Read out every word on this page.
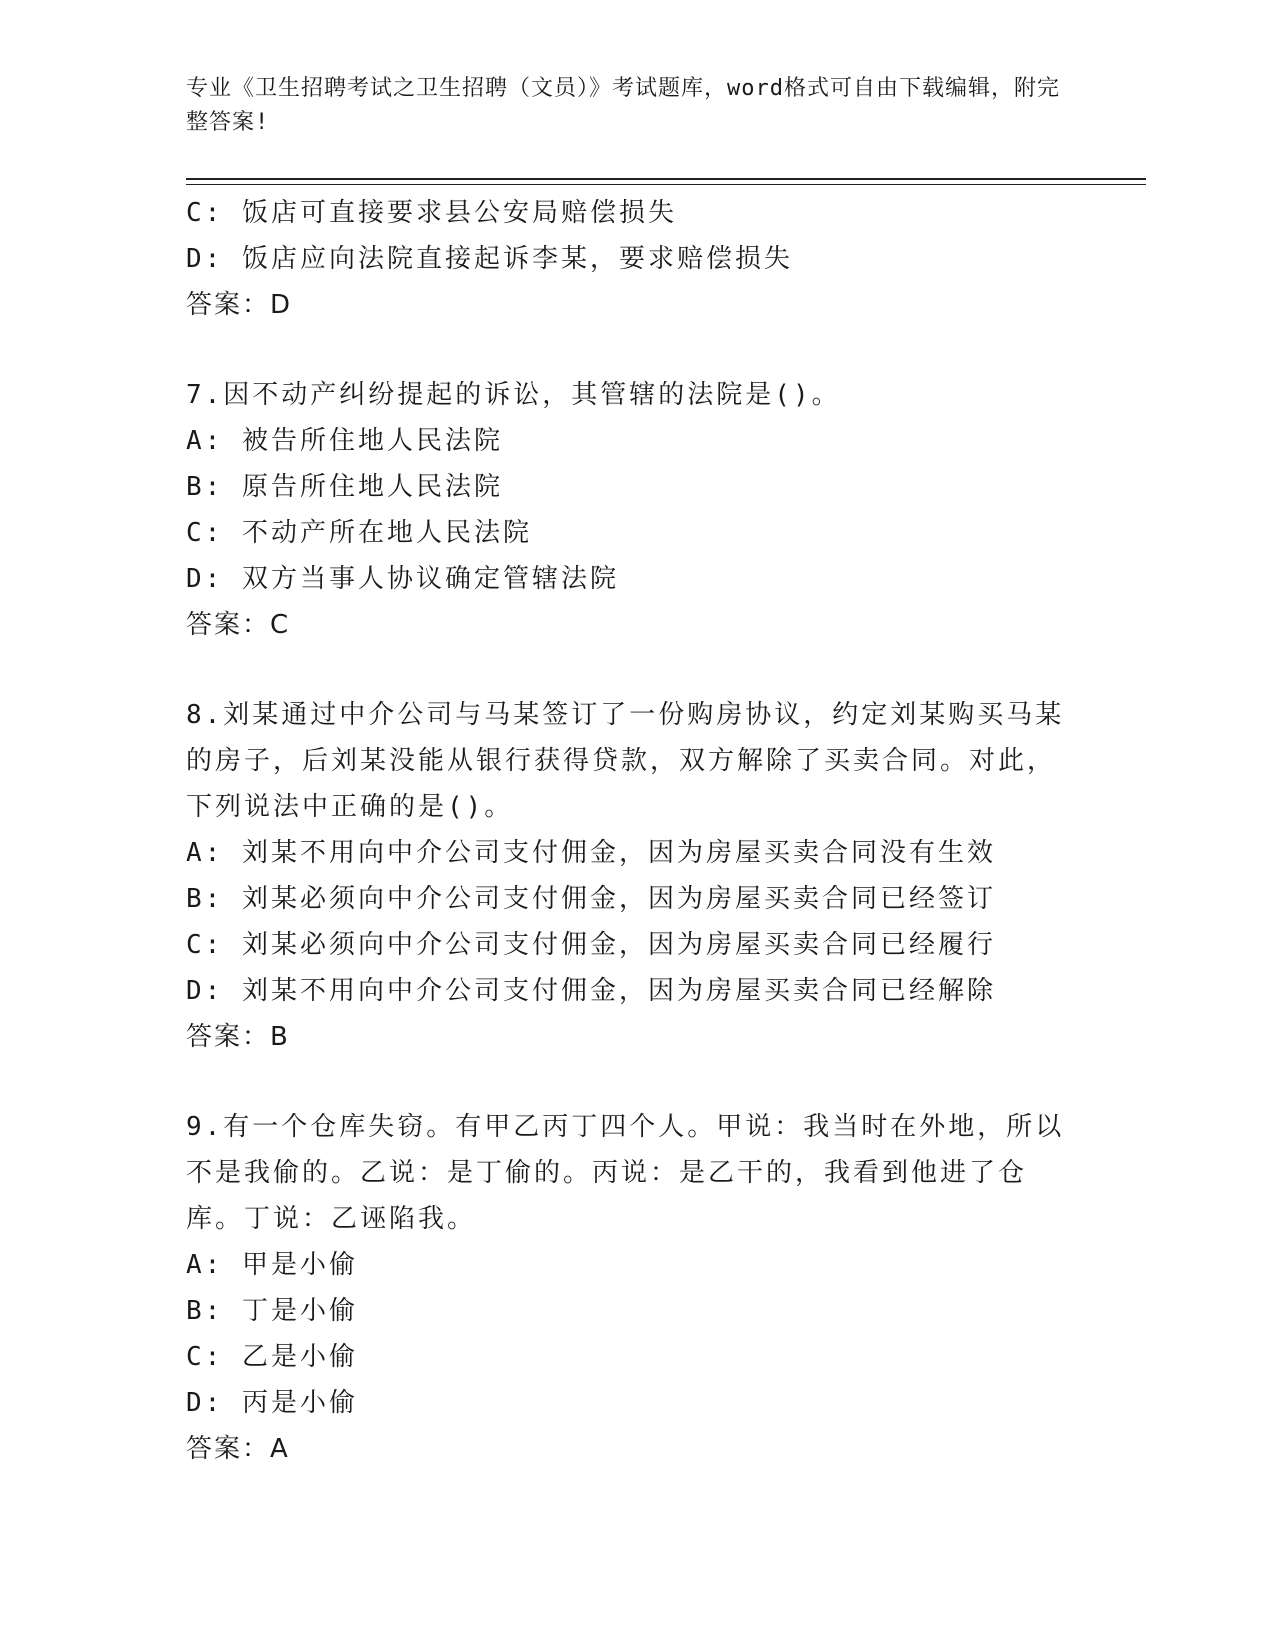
专业《卫生招聘考试之卫生招聘（文员）》考试题库，word格式可自由下载编辑，附完整答案!
C: 饭店可直接要求县公安局赔偿损失
D: 饭店应向法院直接起诉李某，要求赔偿损失
答案：D
7.因不动产纠纷提起的诉讼，其管辖的法院是()。
A: 被告所住地人民法院
B: 原告所住地人民法院
C: 不动产所在地人民法院
D: 双方当事人协议确定管辖法院
答案：C
8.刘某通过中介公司与马某签订了一份购房协议，约定刘某购买马某的房子，后刘某没能从银行获得贷款，双方解除了买卖合同。对此，下列说法中正确的是()。
A: 刘某不用向中介公司支付佣金，因为房屋买卖合同没有生效
B: 刘某必须向中介公司支付佣金，因为房屋买卖合同已经签订
C: 刘某必须向中介公司支付佣金，因为房屋买卖合同已经履行
D: 刘某不用向中介公司支付佣金，因为房屋买卖合同已经解除
答案：B
9.有一个仓库失窃。有甲乙丙丁四个人。甲说：我当时在外地，所以不是我偷的。乙说：是丁偷的。丙说：是乙干的，我看到他进了仓库。丁说：乙诬陷我。
A: 甲是小偷
B: 丁是小偷
C: 乙是小偷
D: 丙是小偷
答案：A
